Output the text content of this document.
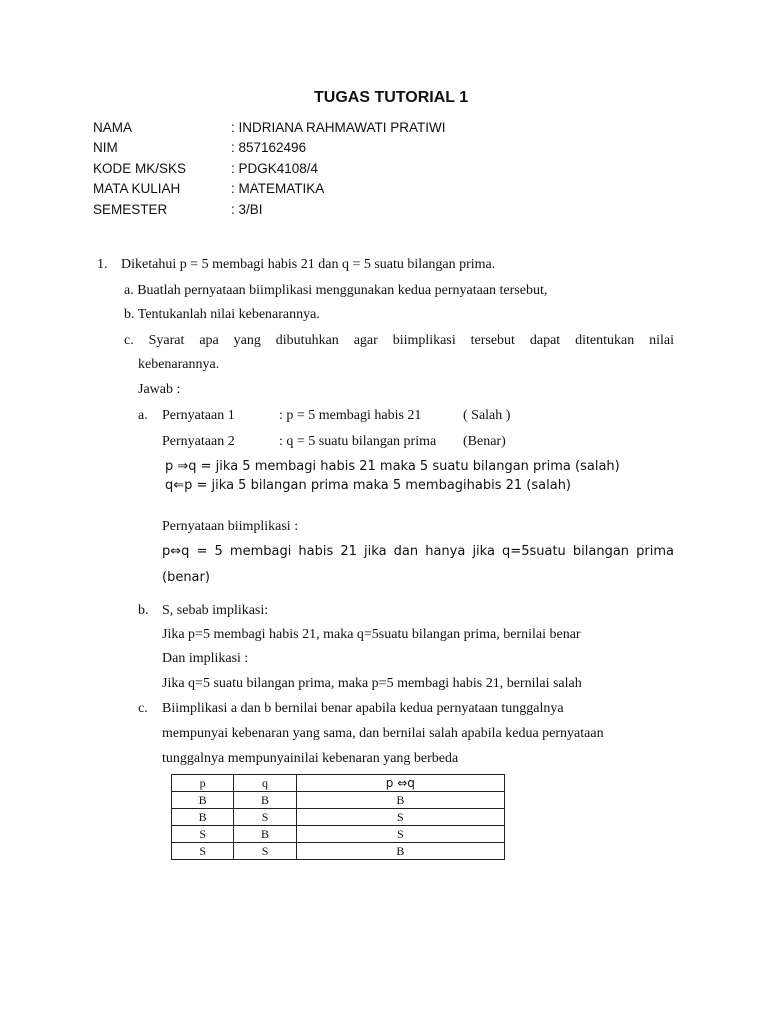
TUGAS TUTORIAL 1
NAMA	: INDRIANA RAHMAWATI PRATIWI
NIM	: 857162496
KODE MK/SKS	: PDGK4108/4
MATA KULIAH	: MATEMATIKA
SEMESTER	: 3/BI
1. Diketahui p = 5 membagi habis 21 dan q = 5 suatu bilangan prima.
a. Buatlah pernyataan biimplikasi menggunakan kedua pernyataan tersebut,
b. Tentukanlah nilai kebenarannya.
c. Syarat apa yang dibutuhkan agar biimplikasi tersebut dapat ditentukan nilai
kebenarannya.
Jawab :
a. Pernyataan 1	: p = 5 membagi habis 21	( Salah )
Pernyataan 2	: q = 5 suatu bilangan prima (Benar)
p ⇒q = jika 5 membagi habis 21 maka 5 suatu bilangan prima (salah)
q⇐p = jika 5 bilangan prima maka 5 membagihabis 21 (salah)
Pernyataan biimplikasi :
p⇔q = 5 membagi habis 21 jika dan hanya jika q=5suatu bilangan prima
(benar)
b. S, sebab implikasi:
Jika p=5 membagi habis 21, maka q=5suatu bilangan prima, bernilai benar
Dan implikasi :
Jika q=5 suatu bilangan prima, maka p=5 membagi habis 21, bernilai salah
c. Biimplikasi a dan b bernilai benar apabila kedua pernyataan tunggalnya
mempunyai kebenaran yang sama, dan bernilai salah apabila kedua pernyataan
tunggalnya mempunyainilai kebenaran yang berbeda
p	q	p ⇔q
B	B	B
B	S	S
S	B	S
S	S	B
